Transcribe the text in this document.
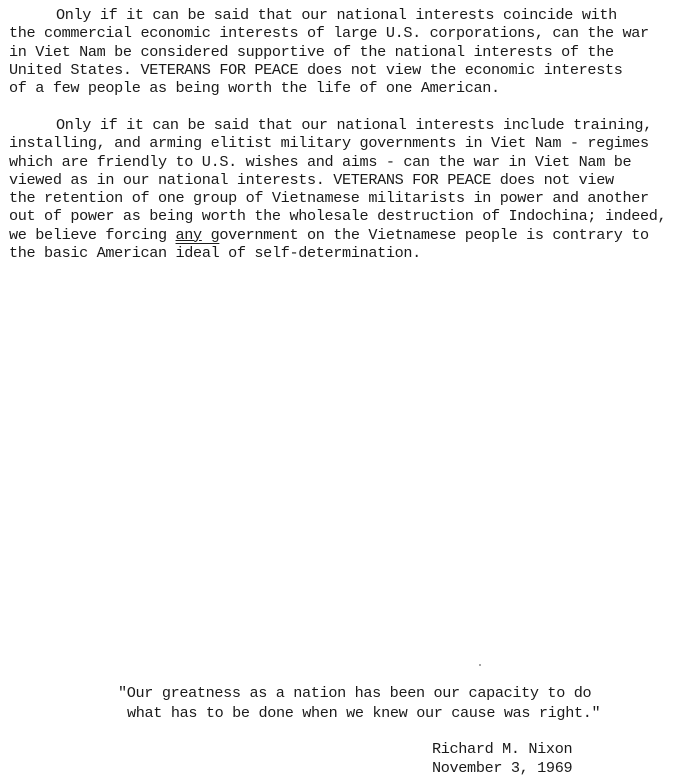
Only if it can be said that our national interests coincide with
the commercial economic interests of large U.S. corporations, can the war
in Viet Nam be considered supportive of the national interests of the
United States. VETERANS FOR PEACE does not view the economic interests
of a few people as being worth the life of one American.
Only if it can be said that our national interests include training,
installing, and arming elitist military governments in Viet Nam - regimes
which are friendly to U.S. wishes and aims - can the war in Viet Nam be
viewed as in our national interests. VETERANS FOR PEACE does not view
the retention of one group of Vietnamese militarists in power and another
out of power as being worth the wholesale destruction of Indochina; indeed,
we believe forcing any government on the Vietnamese people is contrary to
the basic American ideal of self-determination.
"Our greatness as a nation has been our capacity to do
what has to be done when we knew our cause was right."
Richard M. Nixon
November 3, 1969
